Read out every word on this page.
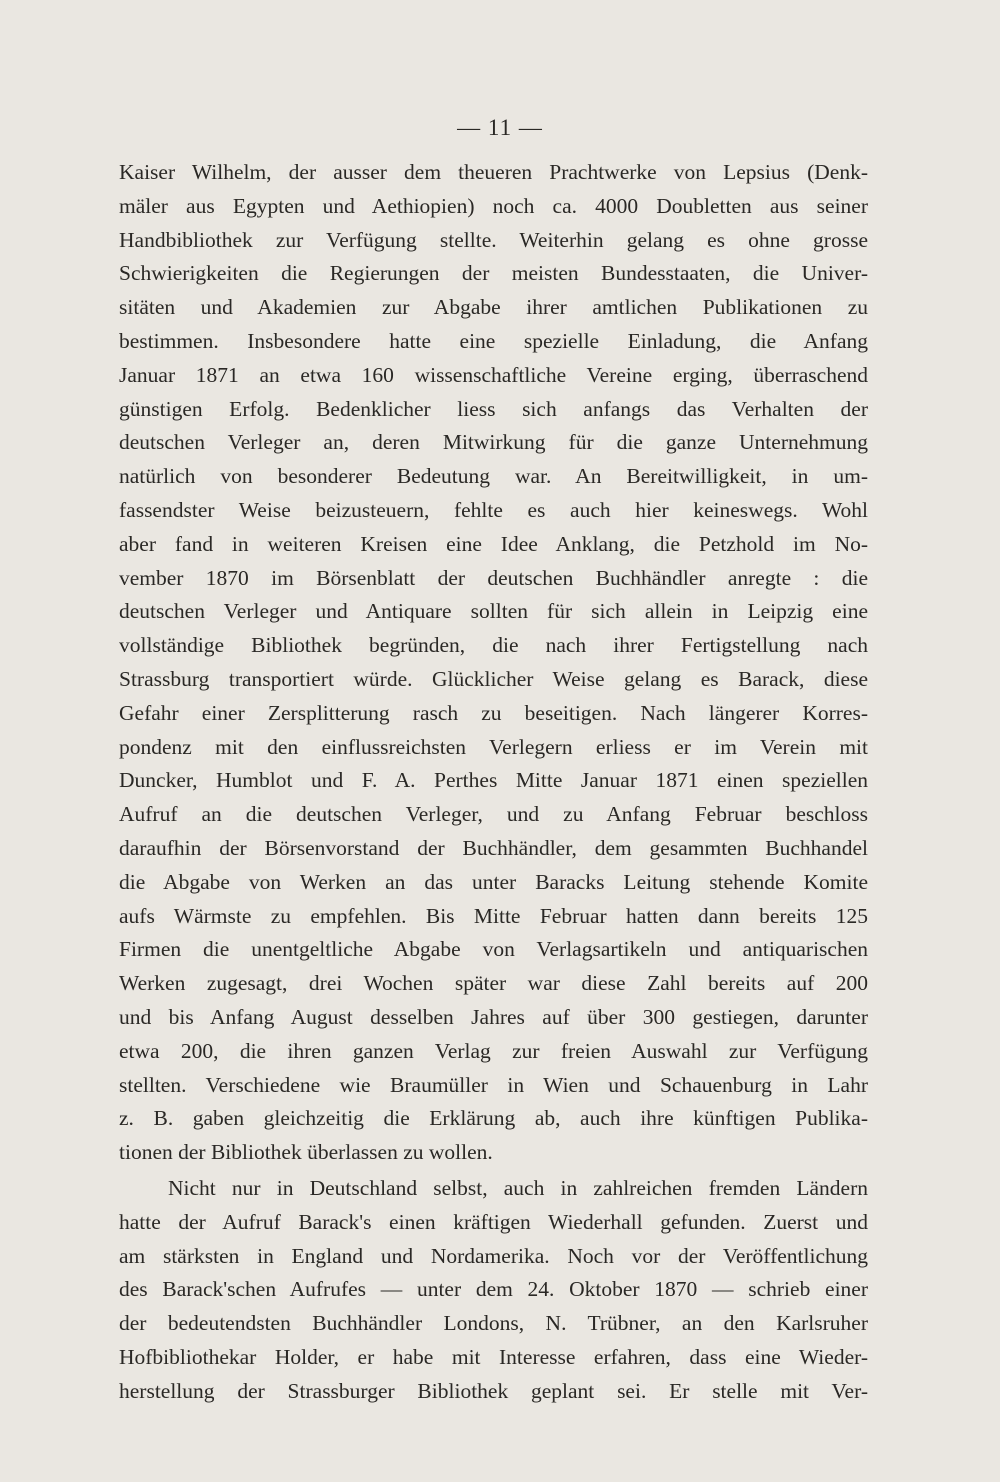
— 11 —
Kaiser Wilhelm, der ausser dem theueren Prachtwerke von Lepsius (Denk-
mäler aus Egypten und Aethiopien) noch ca. 4000 Doubletten aus seiner
Handbibliothek zur Verfügung stellte. Weiterhin gelang es ohne grosse
Schwierigkeiten die Regierungen der meisten Bundesstaaten, die Univer-
sitäten und Akademien zur Abgabe ihrer amtlichen Publikationen zu
bestimmen. Insbesondere hatte eine spezielle Einladung, die Anfang
Januar 1871 an etwa 160 wissenschaftliche Vereine erging, überraschend
günstigen Erfolg. Bedenklicher liess sich anfangs das Verhalten der
deutschen Verleger an, deren Mitwirkung für die ganze Unternehmung
natürlich von besonderer Bedeutung war. An Bereitwilligkeit, in um-
fassendster Weise beizusteuern, fehlte es auch hier keineswegs. Wohl
aber fand in weiteren Kreisen eine Idee Anklang, die Petzhold im No-
vember 1870 im Börsenblatt der deutschen Buchhändler anregte : die
deutschen Verleger und Antiquare sollten für sich allein in Leipzig eine
vollständige Bibliothek begründen, die nach ihrer Fertigstellung nach
Strassburg transportiert würde. Glücklicher Weise gelang es Barack, diese
Gefahr einer Zersplitterung rasch zu beseitigen. Nach längerer Korres-
pondenz mit den einflussreichsten Verlegern erliess er im Verein mit
Duncker, Humblot und F. A. Perthes Mitte Januar 1871 einen speziellen
Aufruf an die deutschen Verleger, und zu Anfang Februar beschloss
daraufhin der Börsenvorstand der Buchhändler, dem gesammten Buchhandel
die Abgabe von Werken an das unter Baracks Leitung stehende Komite
aufs Wärmste zu empfehlen. Bis Mitte Februar hatten dann bereits 125
Firmen die unentgeltliche Abgabe von Verlagsartikeln und antiquarischen
Werken zugesagt, drei Wochen später war diese Zahl bereits auf 200
und bis Anfang August desselben Jahres auf über 300 gestiegen, darunter
etwa 200, die ihren ganzen Verlag zur freien Auswahl zur Verfügung
stellten. Verschiedene wie Braumüller in Wien und Schauenburg in Lahr
z. B. gaben gleichzeitig die Erklärung ab, auch ihre künftigen Publika-
tionen der Bibliothek überlassen zu wollen.
Nicht nur in Deutschland selbst, auch in zahlreichen fremden Ländern
hatte der Aufruf Barack's einen kräftigen Wiederhall gefunden. Zuerst und
am stärksten in England und Nordamerika. Noch vor der Veröffentlichung
des Barack'schen Aufrufes — unter dem 24. Oktober 1870 — schrieb einer
der bedeutendsten Buchhändler Londons, N. Trübner, an den Karlsruher
Hofbibliothekar Holder, er habe mit Interesse erfahren, dass eine Wieder-
herstellung der Strassburger Bibliothek geplant sei. Er stelle mit Ver-
